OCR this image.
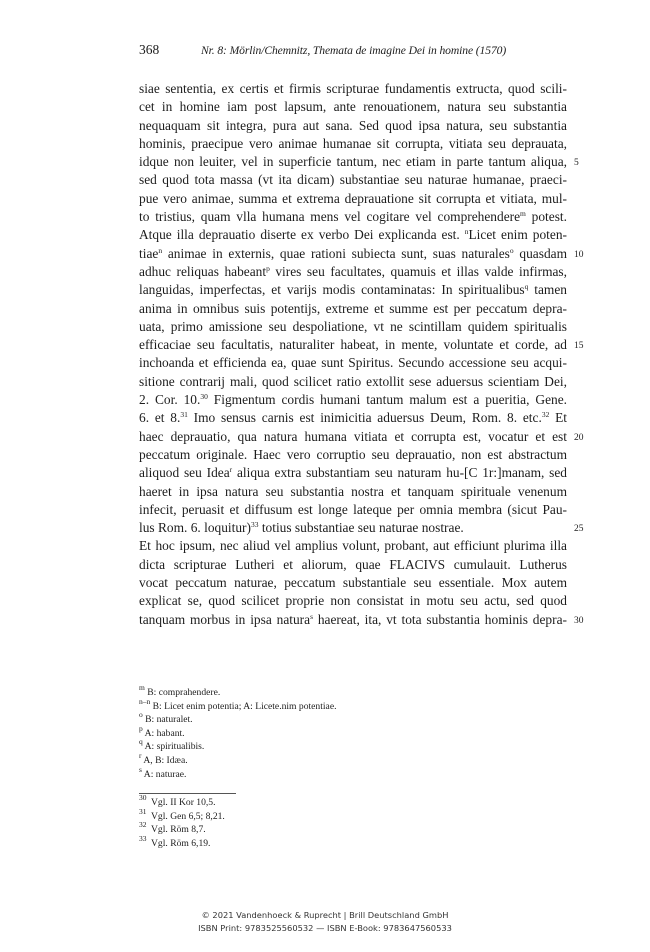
368	Nr. 8: Mörlin/Chemnitz, Themata de imagine Dei in homine (1570)
siae sententia, ex certis et firmis scripturae fundamentis extructa, quod scili-
cet in homine iam post lapsum, ante renouationem, natura seu substantia
nequaquam sit integra, pura aut sana. Sed quod ipsa natura, seu substantia
hominis, praecipue vero animae humanae sit corrupta, vitiata seu deprauata,
idque non leuiter, vel in superficie tantum, nec etiam in parte tantum aliqua, 5
sed quod tota massa (vt ita dicam) substantiae seu naturae humanae, praeci-
pue vero animae, summa et extrema deprauatione sit corrupta et vitiata, mul-
to tristius, quam vlla humana mens vel cogitare vel comprehendere$^m$ potest.
Atque illa deprauatio diserte ex verbo Dei explicanda est. $^n$Licet enim poten-
tiae$^n$ animae in externis, quae rationi subiecta sunt, suas naturales$^o$ quasdam 10
adhuc reliquas habeant$^p$ vires seu facultates, quamuis et illas valde infirmas,
languidas, imperfectas, et varijs modis contaminatas: In spiritualibus$^q$ tamen
anima in omnibus suis potentijs, extreme et summe est per peccatum depra-
uata, primo amissione seu despoliatione, vt ne scintillam quidem spiritualis
efficaciae seu facultatis, naturaliter habeat, in mente, voluntate et corde, ad 15
inchoanda et efficienda ea, quae sunt Spiritus. Secundo accessione seu acqui-
sitione contrarij mali, quod scilicet ratio extollit sese aduersus scientiam Dei,
2. Cor. 10.30 Figmentum cordis humani tantum malum est a pueritia, Gene.
6. et 8.31 Imo sensus carnis est inimicitia aduersus Deum, Rom. 8. etc.$^{32}$ Et
haec deprauatio, qua natura humana vitiata et corrupta est, vocatur et est 20
peccatum originale. Haec vero corruptio seu deprauatio, non est abstractum
aliquod seu Idea$^r$ aliqua extra substantiam seu naturam hu-[C 1r:]manam, sed
haeret in ipsa natura seu substantia nostra et tanquam spirituale venenum
infecit, peruasit et diffusum est longe lateque per omnia membra (sicut Pau-
lus Rom. 6. loquitur)$^{33}$ totius substantiae seu naturae nostrae.	25
Et hoc ipsum, nec aliud vel amplius volunt, probant, aut efficiunt plurima illa
dicta scripturae Lutheri et aliorum, quae FLACIVS cumulauit. Lutherus
vocat peccatum naturae, peccatum substantiale seu essentiale. Mox autem
explicat se, quod scilicet proprie non consistat in motu seu actu, sed quod
tanquam morbus in ipsa natura$^s$ haereat, ita, vt tota substantia hominis depra- 30
$^m$ B: comprahendere.
$^{n-n}$ B: Licet enim potentia; A: Licete.nim potentiae.
$^o$ B: naturalet.
$^p$ A: habant.
$^q$ A: spiritualibis.
$^r$ A, B: Idæa.
$^s$ A: naturae.
$^{30}$ Vgl. II Kor 10,5.
$^{31}$ Vgl. Gen 6,5; 8,21.
$^{32}$ Vgl. Röm 8,7.
$^{33}$ Vgl. Röm 6,19.
© 2021 Vandenhoeck & Ruprecht | Brill Deutschland GmbH
ISBN Print: 9783525560532 — ISBN E-Book: 9783647560533
